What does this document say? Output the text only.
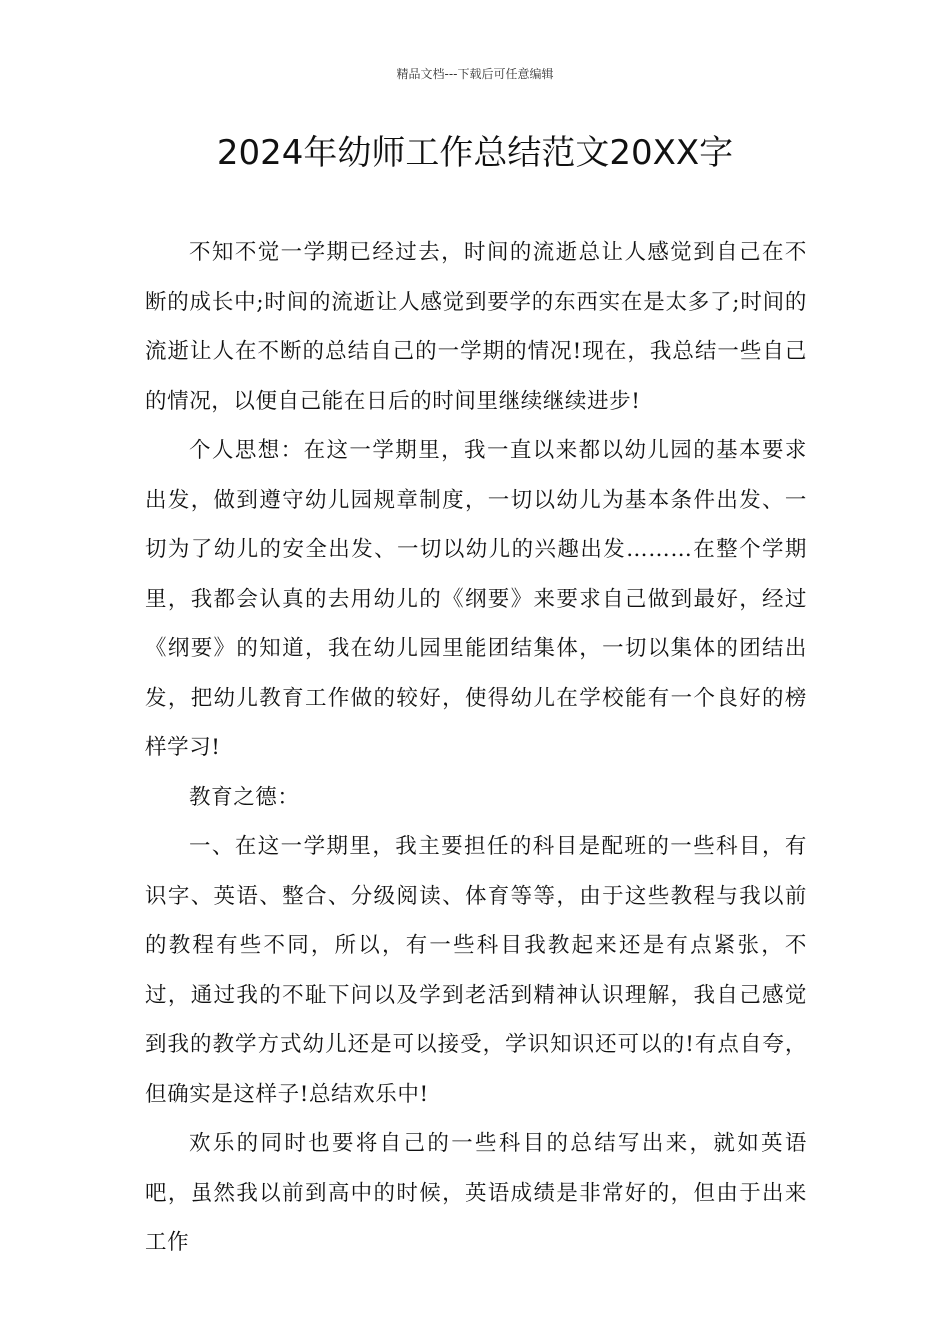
精品文档---下载后可任意编辑
2024年幼师工作总结范文20XX字

不知不觉一学期已经过去，时间的流逝总让人感觉到自己在不断的成长中;时间的流逝让人感觉到要学的东西实在是太多了;时间的流逝让人在不断的总结自己的一学期的情况!现在，我总结一些自己的情况，以便自己能在日后的时间里继续继续进步!

个人思想：在这一学期里，我一直以来都以幼儿园的基本要求出发，做到遵守幼儿园规章制度，一切以幼儿为基本条件出发、一切为了幼儿的安全出发、一切以幼儿的兴趣出发………在整个学期里，我都会认真的去用幼儿的《纲要》来要求自己做到最好，经过《纲要》的知道，我在幼儿园里能团结集体，一切以集体的团结出发，把幼儿教育工作做的较好，使得幼儿在学校能有一个良好的榜样学习!

教育之德：

一、在这一学期里，我主要担任的科目是配班的一些科目，有识字、英语、整合、分级阅读、体育等等，由于这些教程与我以前的教程有些不同，所以，有一些科目我教起来还是有点紧张，不过，通过我的不耻下问以及学到老活到精神认识理解，我自己感觉到我的教学方式幼儿还是可以接受，学识知识还可以的!有点自夸，但确实是这样子!总结欢乐中!

欢乐的同时也要将自己的一些科目的总结写出来，就如英语吧，虽然我以前到高中的时候，英语成绩是非常好的，但由于出来工作
